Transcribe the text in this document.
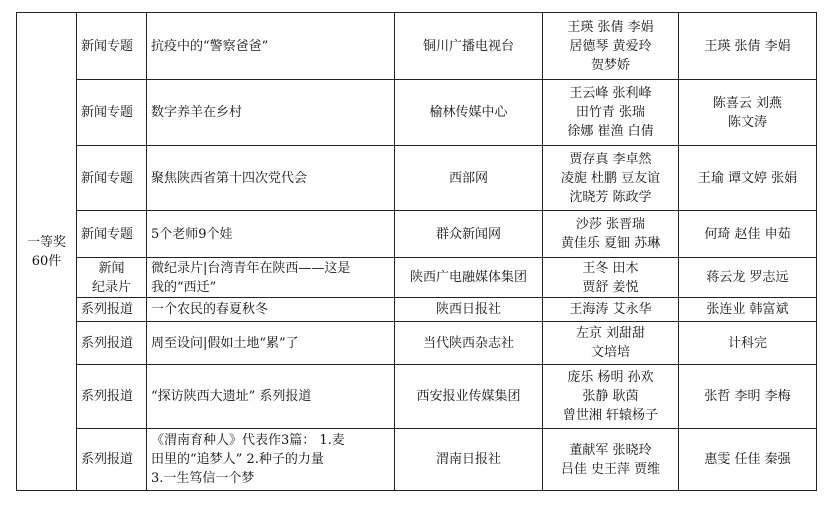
一等奖
60件	新闻专题	抗疫中的“警察爸爸”	铜川广播电视台	王瑛 张倩 李娟
居德琴 黄爱玲
贺梦娇	王瑛 张倩 李娟

	新闻专题	数字养羊在乡村	榆林传媒中心	王云峰 张利峰
田竹青 张瑞
徐娜 崔渔 白倩	陈喜云 刘燕
陈文涛

	新闻专题	聚焦陕西省第十四次党代会	西部网	贾存真 李卓然
凌旎 杜鹏 豆友谊
沈晓芳 陈政学	王瑜 谭文婷 张娟

	新闻专题	5个老师9个娃	群众新闻网	沙莎 张晋瑞
黄佳乐 夏钿 苏琳	何琦 赵佳 申茹

	新闻
纪录片	微纪录片|台湾青年在陕西——这是
我的“西迁”	陕西广电融媒体集团	王冬 田木
贾舒 姜悦	蒋云龙 罗志远

	系列报道	一个农民的春夏秋冬	陕西日报社	王海涛 艾永华	张连业 韩富斌

	系列报道	周至设问|假如土地“累”了	当代陕西杂志社	左京 刘甜甜
文培培	计科完

	系列报道	“探访陕西大遗址” 系列报道	西安报业传媒集团	庞乐 杨明 孙欢
张静 耿茵
曾世湘 轩辕杨子	张哲 李明 李梅

	系列报道	《渭南育种人》代表作3篇： 1.麦
田里的“追梦人” 2.种子的力量
3.一生笃信一个梦	渭南日报社	董献军 张晓玲
吕佳 史王萍 贾维	惠雯 任佳 秦强
